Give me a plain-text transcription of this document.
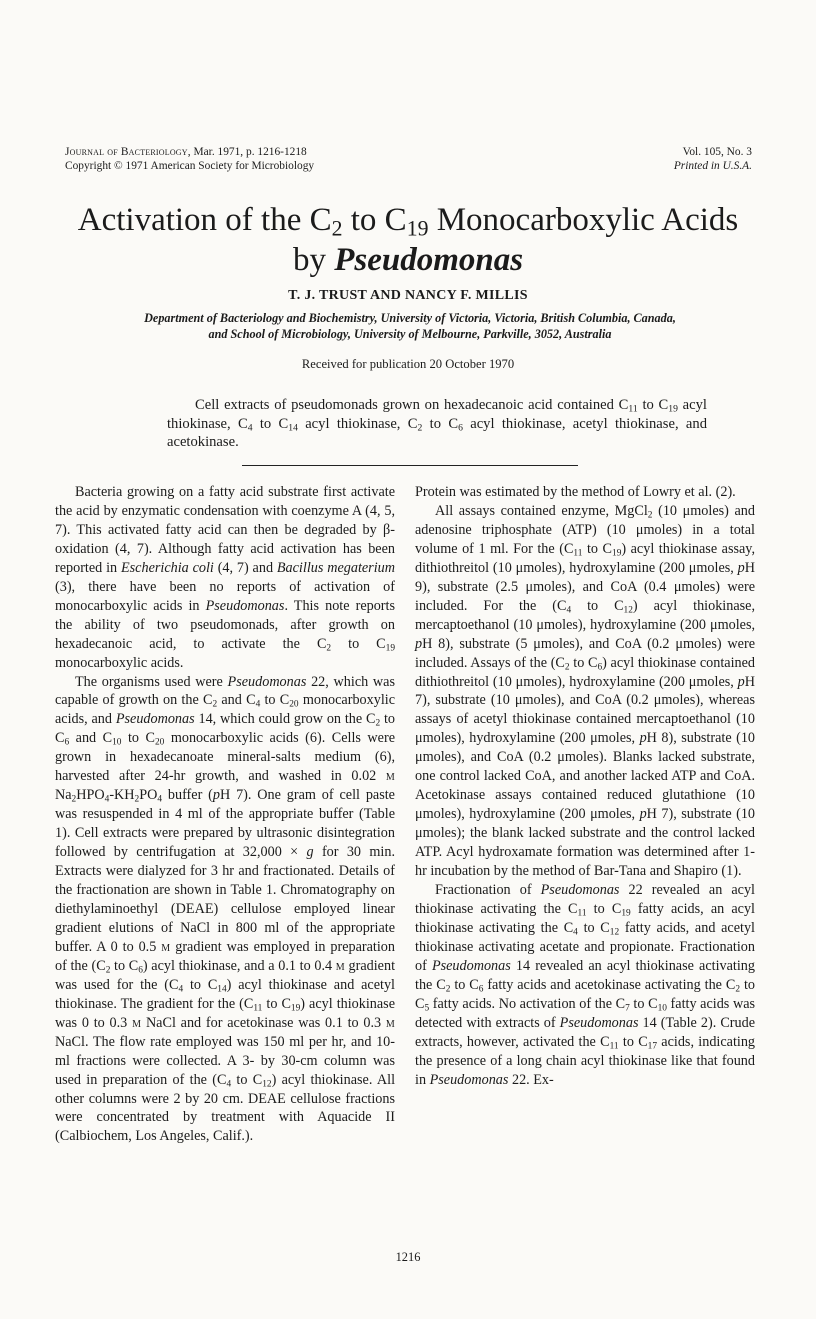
Journal of Bacteriology, Mar. 1971, p. 1216-1218
Copyright © 1971 American Society for Microbiology
Vol. 105, No. 3
Printed in U.S.A.
Activation of the $C_2$ to $C_{19}$ Monocarboxylic Acids
by Pseudomonas
T. J. TRUST AND NANCY F. MILLIS
Department of Bacteriology and Biochemistry, University of Victoria, Victoria, British Columbia, Canada,
and School of Microbiology, University of Melbourne, Parkville, 3052, Australia
Received for publication 20 October 1970
Cell extracts of pseudomonads grown on hexadecanoic acid contained $C_{11}$ to $C_{19}$ acyl thiokinase, $C_4$ to $C_{14}$ acyl thiokinase, $C_2$ to $C_6$ acyl thiokinase, acetyl thiokinase, and acetokinase.

Bacteria growing on a fatty acid substrate first activate the acid by enzymatic condensation with coenzyme A (4, 5, 7). This activated fatty acid can then be degraded by β-oxidation (4, 7). Although fatty acid activation has been reported in Escherichia coli (4, 7) and Bacillus megaterium (3), there have been no reports of activation of monocarboxylic acids in Pseudomonas. This note reports the ability of two pseudomonads, after growth on hexadecanoic acid, to activate the $C_2$ to $C_{19}$ monocarboxylic acids.

The organisms used were Pseudomonas 22, which was capable of growth on the $C_2$ and $C_4$ to $C_{20}$ monocarboxylic acids, and Pseudomonas 14, which could grow on the $C_2$ to $C_6$ and $C_{10}$ to $C_{20}$ monocarboxylic acids (6). Cells were grown in hexadecanoate mineral-salts medium (6), harvested after 24-hr growth, and washed in 0.02 m $Na_2HPO_4-KH_2PO_4$ buffer (pH 7). One gram of cell paste was resuspended in 4 ml of the appropriate buffer (Table 1). Cell extracts were prepared by ultrasonic disintegration followed by centrifugation at 32,000 × g for 30 min. Extracts were dialyzed for 3 hr and fractionated. Details of the fractionation are shown in Table 1. Chromatography on diethylaminoethyl (DEAE) cellulose employed linear gradient elutions of NaCl in 800 ml of the appropriate buffer. A 0 to 0.5 m gradient was employed in preparation of the ($C_2$ to $C_6$) acyl thiokinase, and a 0.1 to 0.4 m gradient was used for the ($C_4$ to $C_{14}$) acyl thiokinase and acetyl thiokinase. The gradient for the ($C_{11}$ to $C_{19}$) acyl thiokinase was 0 to 0.3 m NaCl and for acetokinase was 0.1 to 0.3 m NaCl. The flow rate employed was 150 ml per hr, and 10-ml fractions were collected. A 3- by 30-cm column was used in preparation of the ($C_4$ to $C_{12}$) acyl thiokinase. All other columns were 2 by 20 cm. DEAE cellulose fractions were concentrated by treatment with Aquacide II (Calbiochem, Los Angeles, Calif.).

Protein was estimated by the method of Lowry et al. (2).

All assays contained enzyme, MgCl$_2$ (10 μmoles) and adenosine triphosphate (ATP) (10 μmoles) in a total volume of 1 ml. For the ($C_{11}$ to $C_{19}$) acyl thiokinase assay, dithiothreitol (10 μmoles), hydroxylamine (200 μmoles, pH 9), substrate (2.5 μmoles), and CoA (0.4 μmoles) were included. For the ($C_4$ to $C_{12}$) acyl thiokinase, mercaptoethanol (10 μmoles), hydroxylamine (200 μmoles, pH 8), substrate (5 μmoles), and CoA (0.2 μmoles) were included. Assays of the ($C_2$ to $C_6$) acyl thiokinase contained dithiothreitol (10 μmoles), hydroxylamine (200 μmoles, pH 7), substrate (10 μmoles), and CoA (0.2 μmoles), whereas assays of acetyl thiokinase contained mercaptoethanol (10 μmoles), hydroxylamine (200 μmoles, pH 8), substrate (10 μmoles), and CoA (0.2 μmoles). Blanks lacked substrate, one control lacked CoA, and another lacked ATP and CoA. Acetokinase assays contained reduced glutathione (10 μmoles), hydroxylamine (200 μmoles, pH 7), substrate (10 μmoles); the blank lacked substrate and the control lacked ATP. Acyl hydroxamate formation was determined after 1-hr incubation by the method of Bar-Tana and Shapiro (1).

Fractionation of Pseudomonas 22 revealed an acyl thiokinase activating the $C_{11}$ to $C_{19}$ fatty acids, an acyl thiokinase activating the $C_4$ to $C_{12}$ fatty acids, and acetyl thiokinase activating acetate and propionate. Fractionation of Pseudomonas 14 revealed an acyl thiokinase activating the $C_2$ to $C_6$ fatty acids and acetokinase activating the $C_2$ to $C_5$ fatty acids. No activation of the $C_7$ to $C_{10}$ fatty acids was detected with extracts of Pseudomonas 14 (Table 2). Crude extracts, however, activated the $C_{11}$ to $C_{17}$ acids, indicating the presence of a long chain acyl thiokinase like that found in Pseudomonas 22. Ex-

1216
